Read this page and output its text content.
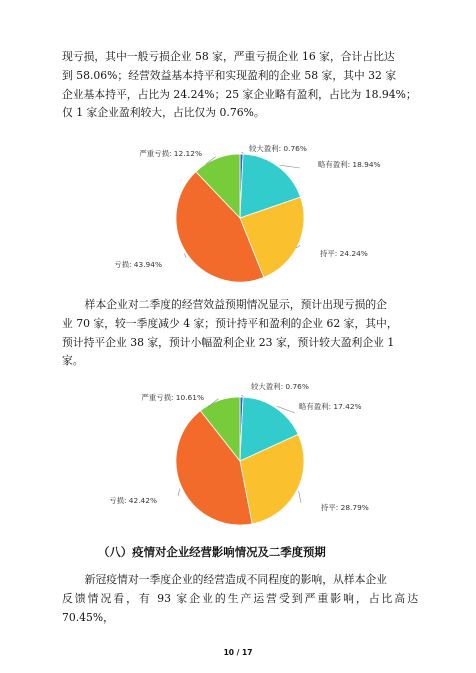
现亏损，其中一般亏损企业 58 家，严重亏损企业 16 家，合计占比达
到 58.06%；经营效益基本持平和实现盈利的企业 58 家，其中 32 家
企业基本持平，占比为 24.24%；25 家企业略有盈利，占比为 18.94%；
仅 1 家企业盈利较大，占比仅为 0.76%。
较大盈利: 0.76%
略有盈利: 18.94%
持平: 24.24%
亏损: 43.94%
严重亏损: 12.12%
较大盈利: 0.76%
略有盈利: 17.42%
持平: 28.79%
亏损: 42.42%
严重亏损: 10.61%
样本企业对二季度的经营效益预期情况显示，预计出现亏损的企
业 70 家，较一季度减少 4 家；预计持平和盈利的企业 62 家，其中，
预计持平企业 38 家，预计小幅盈利企业 23 家，预计较大盈利企业 1
家。

（八）疫情对企业经营影响情况及二季度预期

新冠疫情对一季度企业的经营造成不同程度的影响，从样本企业
反馈情况看，有 93 家企业的生产运营受到严重影响，占比高达 70.45%，
10 / 17
